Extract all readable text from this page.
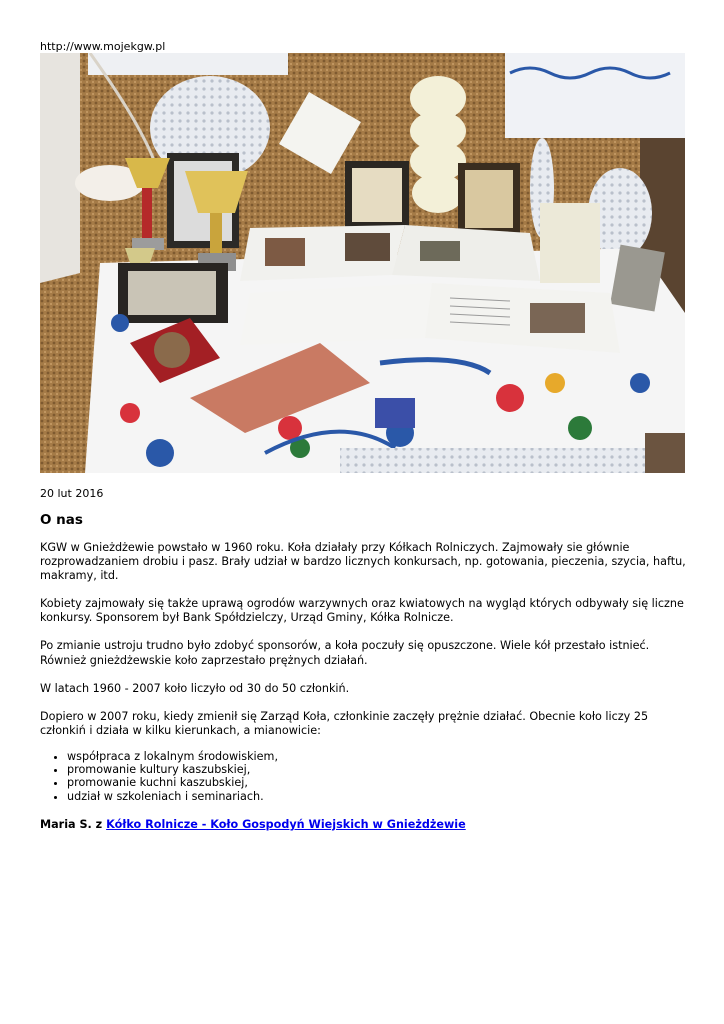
http://www.mojekgw.pl
20 lut 2016
O nas

KGW w Gnieżdżewie powstało w 1960 roku. Koła działały przy Kółkach Rolniczych. Zajmowały sie głównie rozprowadzaniem drobiu i pasz. Brały udział w bardzo licznych konkursach, np. gotowania, pieczenia, szycia, haftu, makramy, itd.

Kobiety zajmowały się także uprawą ogrodów warzywnych oraz kwiatowych na wygląd których odbywały się liczne konkursy. Sponsorem był Bank Spółdzielczy, Urząd Gminy, Kółka Rolnicze.

Po zmianie ustroju trudno było zdobyć sponsorów, a koła poczuły się opuszczone. Wiele kół przestało istnieć. Również gnieżdżewskie koło zaprzestało prężnych działań.

W latach 1960 - 2007 koło liczyło od 30 do 50 członkiń.

Dopiero w 2007 roku, kiedy zmienił się Zarząd Koła, członkinie zaczęły prężnie działać. Obecnie koło liczy 25 członkiń i działa w kilku kierunkach, a mianowicie:

• współpraca z lokalnym środowiskiem,
• promowanie kultury kaszubskiej,
• promowanie kuchni kaszubskiej,
• udział w szkoleniach i seminariach.
Maria S. z Kółko Rolnicze - Koło Gospodyń Wiejskich w Gnieżdżewie
